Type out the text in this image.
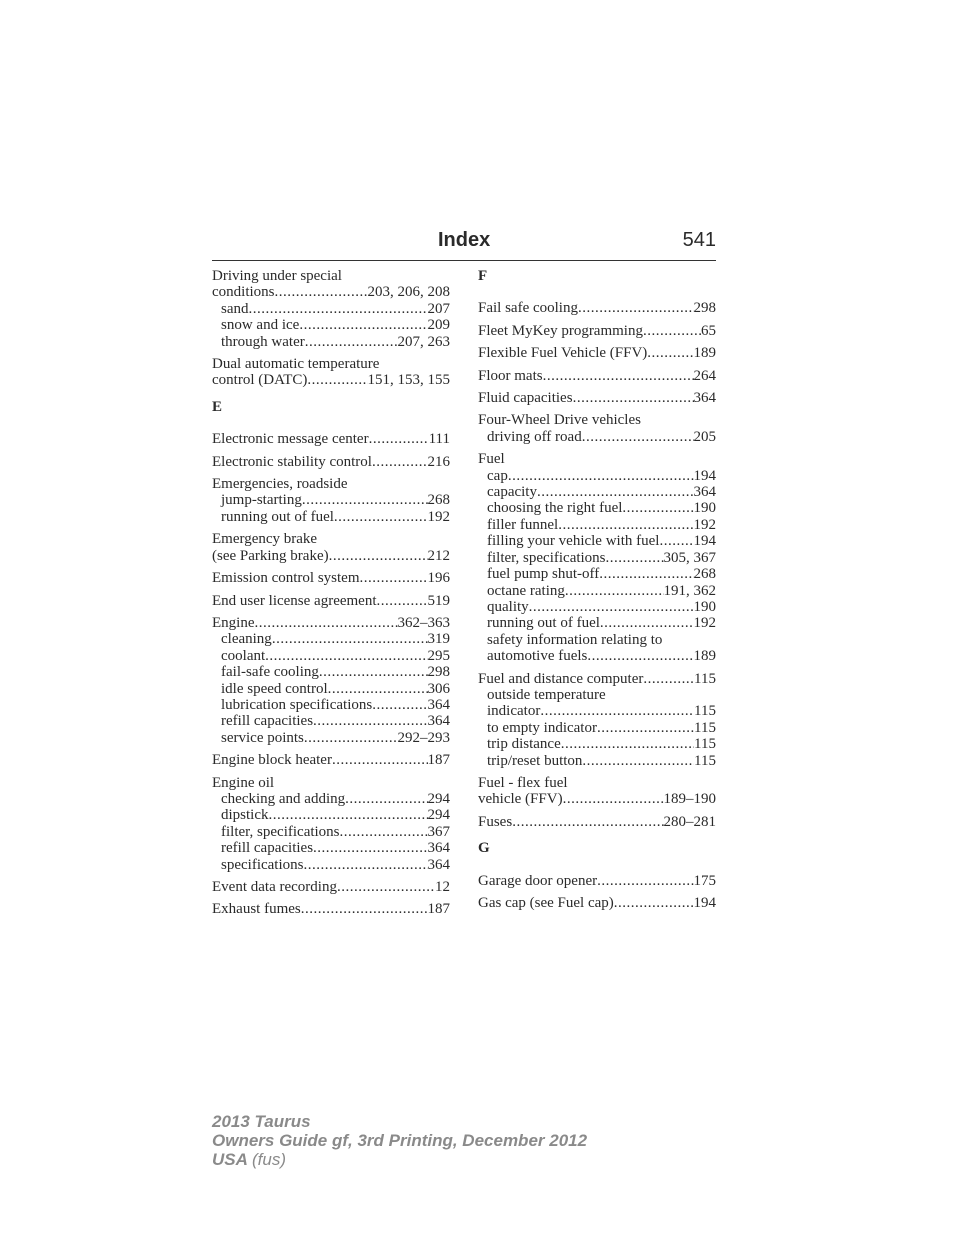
Index	541
Driving under special
conditions .....	203, 206, 208
sand .....	207
snow and ice .....	209
through water .....	207, 263
Dual automatic temperature
control (DATC) .....	151, 153, 155
E
Electronic message center .....	111
Electronic stability control .....	216
Emergencies, roadside
jump-starting .....	268
running out of fuel .....	192
Emergency brake
(see Parking brake) .....	212
Emission control system .....	196
End user license agreement .....	519
Engine .....	362–363
cleaning .....	319
coolant .....	295
fail-safe cooling .....	298
idle speed control .....	306
lubrication specifications .....	364
refill capacities .....	364
service points .....	292–293
Engine block heater .....	187
Engine oil
checking and adding .....	294
dipstick .....	294
filter, specifications .....	367
refill capacities .....	364
specifications .....	364
Event data recording .....	12
Exhaust fumes .....	187
F
Fail safe cooling .....	298
Fleet MyKey programming .....	65
Flexible Fuel Vehicle (FFV) .....	189
Floor mats .....	264
Fluid capacities .....	364
Four-Wheel Drive vehicles
driving off road .....	205
Fuel
cap .....	194
capacity .....	364
choosing the right fuel .....	190
filler funnel .....	192
filling your vehicle with fuel ..... 194
filter, specifications .....	305, 367
fuel pump shut-off .....	268
octane rating .....	191, 362
quality .....	190
running out of fuel .....	192
safety information relating to
automotive fuels .....	189
Fuel and distance computer .....	115
outside temperature
indicator .....	115
to empty indicator .....	115
trip distance .....	115
trip/reset button .....	115
Fuel - flex fuel
vehicle (FFV) .....	189–190
Fuses .....	280–281
G
Garage door opener .....	175
Gas cap (see Fuel cap) .....	194
2013 Taurus
Owners Guide gf, 3rd Printing, December 2012
USA (fus)
